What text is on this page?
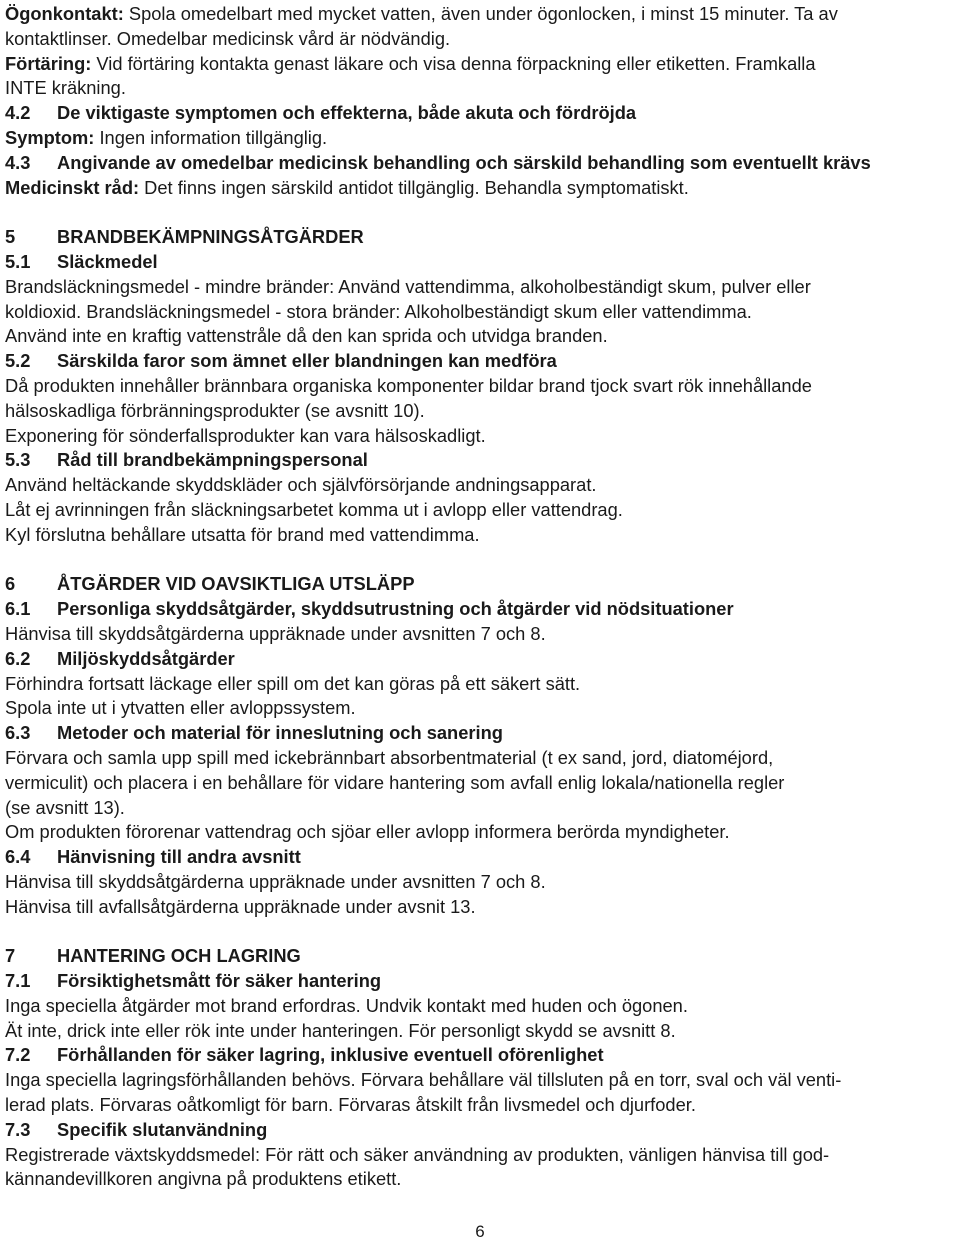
Ögonkontakt: Spola omedelbart med mycket vatten, även under ögonlocken, i minst 15 minuter. Ta av

kontaktlinser. Omedelbar medicinsk vård är nödvändig.

Förtäring: Vid förtäring kontakta genast läkare och visa denna förpackning eller etiketten. Framkalla

INTE kräkning.

4.2 De viktigaste symptomen och effekterna, både akuta och fördröjda

Symptom: Ingen information tillgänglig.

4.3 Angivande av omedelbar medicinsk behandling och särskild behandling som eventuellt krävs

Medicinskt råd: Det finns ingen särskild antidot tillgänglig. Behandla symptomatiskt.

5 BRANDBEKÄMPNINGSÅTGÄRDER

5.1 Släckmedel

Brandsläckningsmedel - mindre bränder: Använd vattendimma, alkoholbeständigt skum, pulver eller

koldioxid. Brandsläckningsmedel - stora bränder: Alkoholbeständigt skum eller vattendimma.

Använd inte en kraftig vattenstråle då den kan sprida och utvidga branden.

5.2 Särskilda faror som ämnet eller blandningen kan medföra

Då produkten innehåller brännbara organiska komponenter bildar brand tjock svart rök innehållande

hälsoskadliga förbränningsprodukter (se avsnitt 10).

Exponering för sönderfallsprodukter kan vara hälsoskadligt.

5.3 Råd till brandbekämpningspersonal

Använd heltäckande skyddskläder och självförsörjande andningsapparat.

Låt ej avrinningen från släckningsarbetet komma ut i avlopp eller vattendrag.

Kyl förslutna behållare utsatta för brand med vattendimma.

6 ÅTGÄRDER VID OAVSIKTLIGA UTSLÄPP

6.1 Personliga skyddsåtgärder, skyddsutrustning och åtgärder vid nödsituationer

Hänvisa till skyddsåtgärderna uppräknade under avsnitten 7 och 8.

6.2 Miljöskyddsåtgärder

Förhindra fortsatt läckage eller spill om det kan göras på ett säkert sätt.

Spola inte ut i ytvatten eller avloppssystem.

6.3 Metoder och material för inneslutning och sanering

Förvara och samla upp spill med ickebrännbart absorbentmaterial (t ex sand, jord, diatoméjord,

vermiculit) och placera i en behållare för vidare hantering som avfall enlig lokala/nationella regler

(se avsnitt 13).

Om produkten förorenar vattendrag och sjöar eller avlopp informera berörda myndigheter.

6.4 Hänvisning till andra avsnitt

Hänvisa till skyddsåtgärderna uppräknade under avsnitten 7 och 8.

Hänvisa till avfallsåtgärderna uppräknade under avsnit 13.

7 HANTERING OCH LAGRING

7.1 Försiktighetsmått för säker hantering

Inga speciella åtgärder mot brand erfordras. Undvik kontakt med huden och ögonen.

Ät inte, drick inte eller rök inte under hanteringen. För personligt skydd se avsnitt 8.

7.2 Förhållanden för säker lagring, inklusive eventuell oförenlighet

Inga speciella lagringsförhållanden behövs. Förvara behållare väl tillsluten på en torr, sval och väl venti-

lerad plats. Förvaras oåtkomligt för barn. Förvaras åtskilt från livsmedel och djurfoder.

7.3 Specifik slutanvändning

Registrerade växtskyddsmedel: För rätt och säker användning av produkten, vänligen hänvisa till god-

kännandevillkoren angivna på produktens etikett.

6
